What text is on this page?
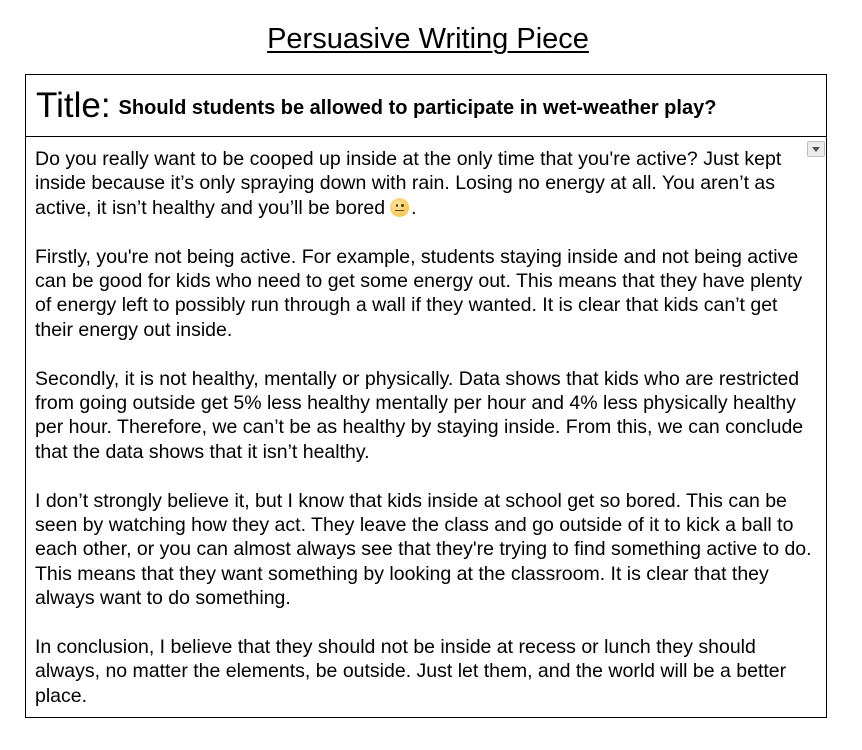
Persuasive Writing Piece
Title: Should students be allowed to participate in wet-weather play?

Do you really want to be cooped up inside at the only time that you're active? Just kept inside because it’s only spraying down with rain. Losing no energy at all. You aren’t as active, it isn’t healthy and you’ll be bored .

Firstly, you're not being active. For example, students staying inside and not being active can be good for kids who need to get some energy out. This means that they have plenty of energy left to possibly run through a wall if they wanted. It is clear that kids can’t get their energy out inside.

Secondly, it is not healthy, mentally or physically. Data shows that kids who are restricted from going outside get 5% less healthy mentally per hour and 4% less physically healthy per hour. Therefore, we can’t be as healthy by staying inside. From this, we can conclude that the data shows that it isn’t healthy.

I don’t strongly believe it, but I know that kids inside at school get so bored. This can be seen by watching how they act. They leave the class and go outside of it to kick a ball to each other, or you can almost always see that they're trying to find something active to do. This means that they want something by looking at the classroom. It is clear that they always want to do something.

In conclusion, I believe that they should not be inside at recess or lunch they should always, no matter the elements, be outside. Just let them, and the world will be a better place.
